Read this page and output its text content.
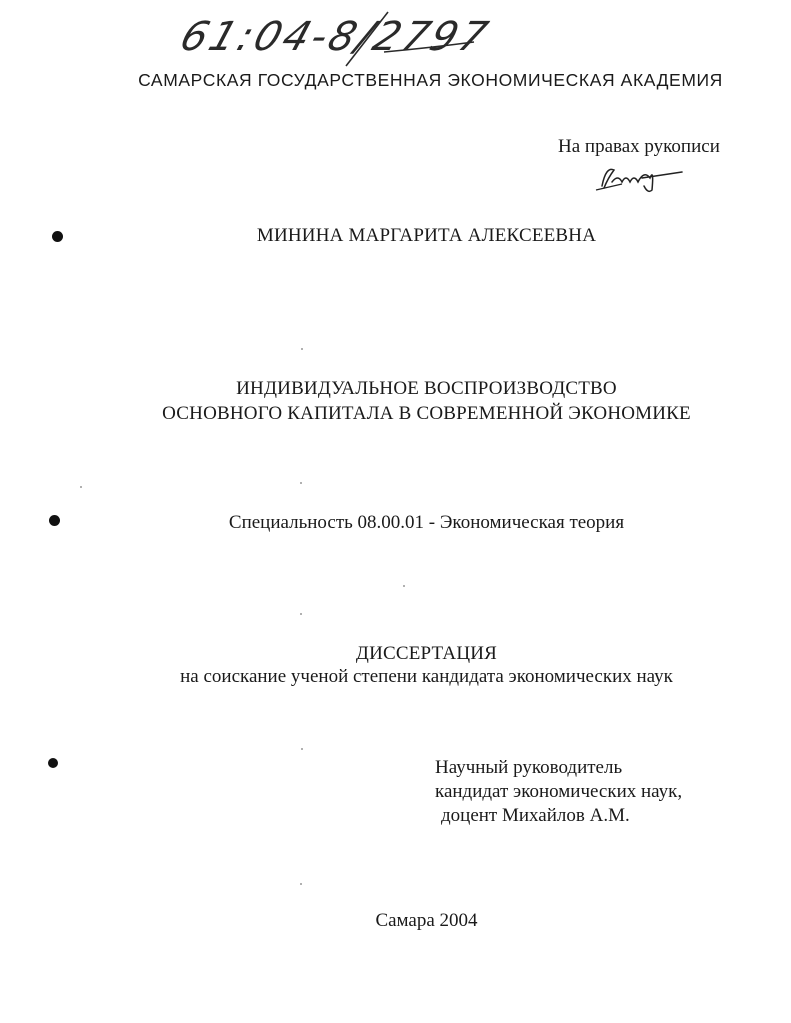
61:04-8/2797
САМАРСКАЯ ГОСУДАРСТВЕННАЯ ЭКОНОМИЧЕСКАЯ АКАДЕМИЯ
На правах рукописи
МИНИНА МАРГАРИТА АЛЕКСЕЕВНА
ИНДИВИДУАЛЬНОЕ ВОСПРОИЗВОДСТВО
ОСНОВНОГО КАПИТАЛА В СОВРЕМЕННОЙ ЭКОНОМИКЕ
Специальность 08.00.01 - Экономическая теория
ДИССЕРТАЦИЯ
на соискание ученой степени кандидата экономических наук
Научный руководитель
кандидат экономических наук,
доцент Михайлов А.М.
Самара 2004
